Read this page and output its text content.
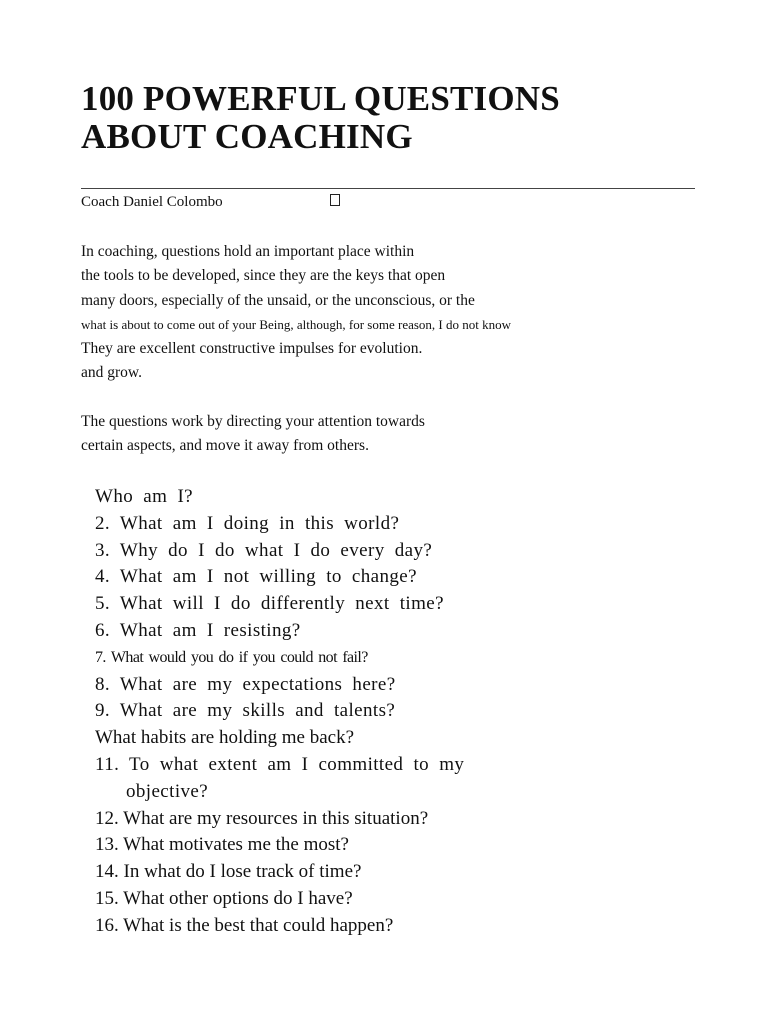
100 POWERFUL QUESTIONS
ABOUT COACHING
Coach Daniel Colombo

In coaching, questions hold an important place within
the tools to be developed, since they are the keys that open
many doors, especially of the unsaid, or the unconscious, or the
what is about to come out of your Being, although, for some reason, I do not know
They are excellent constructive impulses for evolution.
and grow.

The questions work by directing your attention towards
certain aspects, and move it away from others.

Who am I?
2. What am I doing in this world?
3. Why do I do what I do every day?
4. What am I not willing to change?
5. What will I do differently next time?
6. What am I resisting?
7. What would you do if you could not fail?
8. What are my expectations here?
9. What are my skills and talents?
What habits are holding me back?
11. To what extent am I committed to my
objective?
12. What are my resources in this situation?
13. What motivates me the most?
14. In what do I lose track of time?
15. What other options do I have?
16. What is the best that could happen?
